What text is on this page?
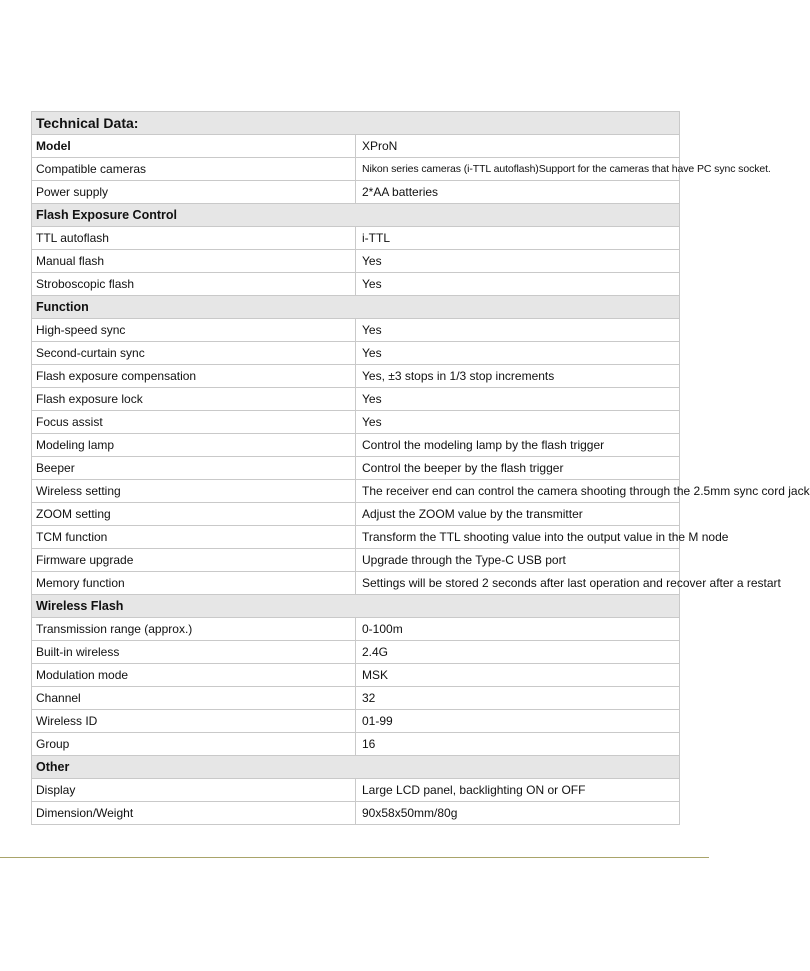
Technical Data:	
Model	XProN
Compatible cameras	Nikon series cameras (i-TTL autoflash)Support for the cameras that have PC sync socket.
Power supply	2*AA batteries
Flash Exposure Control	
TTL autoflash	i-TTL
Manual flash	Yes
Stroboscopic flash	Yes
Function	
High-speed sync	Yes
Second-curtain sync	Yes
Flash exposure compensation	Yes, ±3 stops in 1/3 stop increments
Flash exposure lock	Yes
Focus assist	Yes
Modeling lamp	Control the modeling lamp by the flash trigger
Beeper	Control the beeper by the flash trigger
Wireless setting	The receiver end can control the camera shooting through the 2.5mm sync cord jack
ZOOM setting	Adjust the ZOOM value by the transmitter
TCM function	Transform the TTL shooting value into the output value in the M node
Firmware upgrade	Upgrade through the Type-C USB port
Memory function	Settings will be stored 2 seconds after last operation and recover after a restart
Wireless Flash	
Transmission range (approx.)	0-100m
Built-in wireless	2.4G
Modulation mode	MSK
Channel	32
Wireless ID	01-99
Group	16
Other	
Display	Large LCD panel, backlighting ON or OFF
Dimension/Weight	90x58x50mm/80g
